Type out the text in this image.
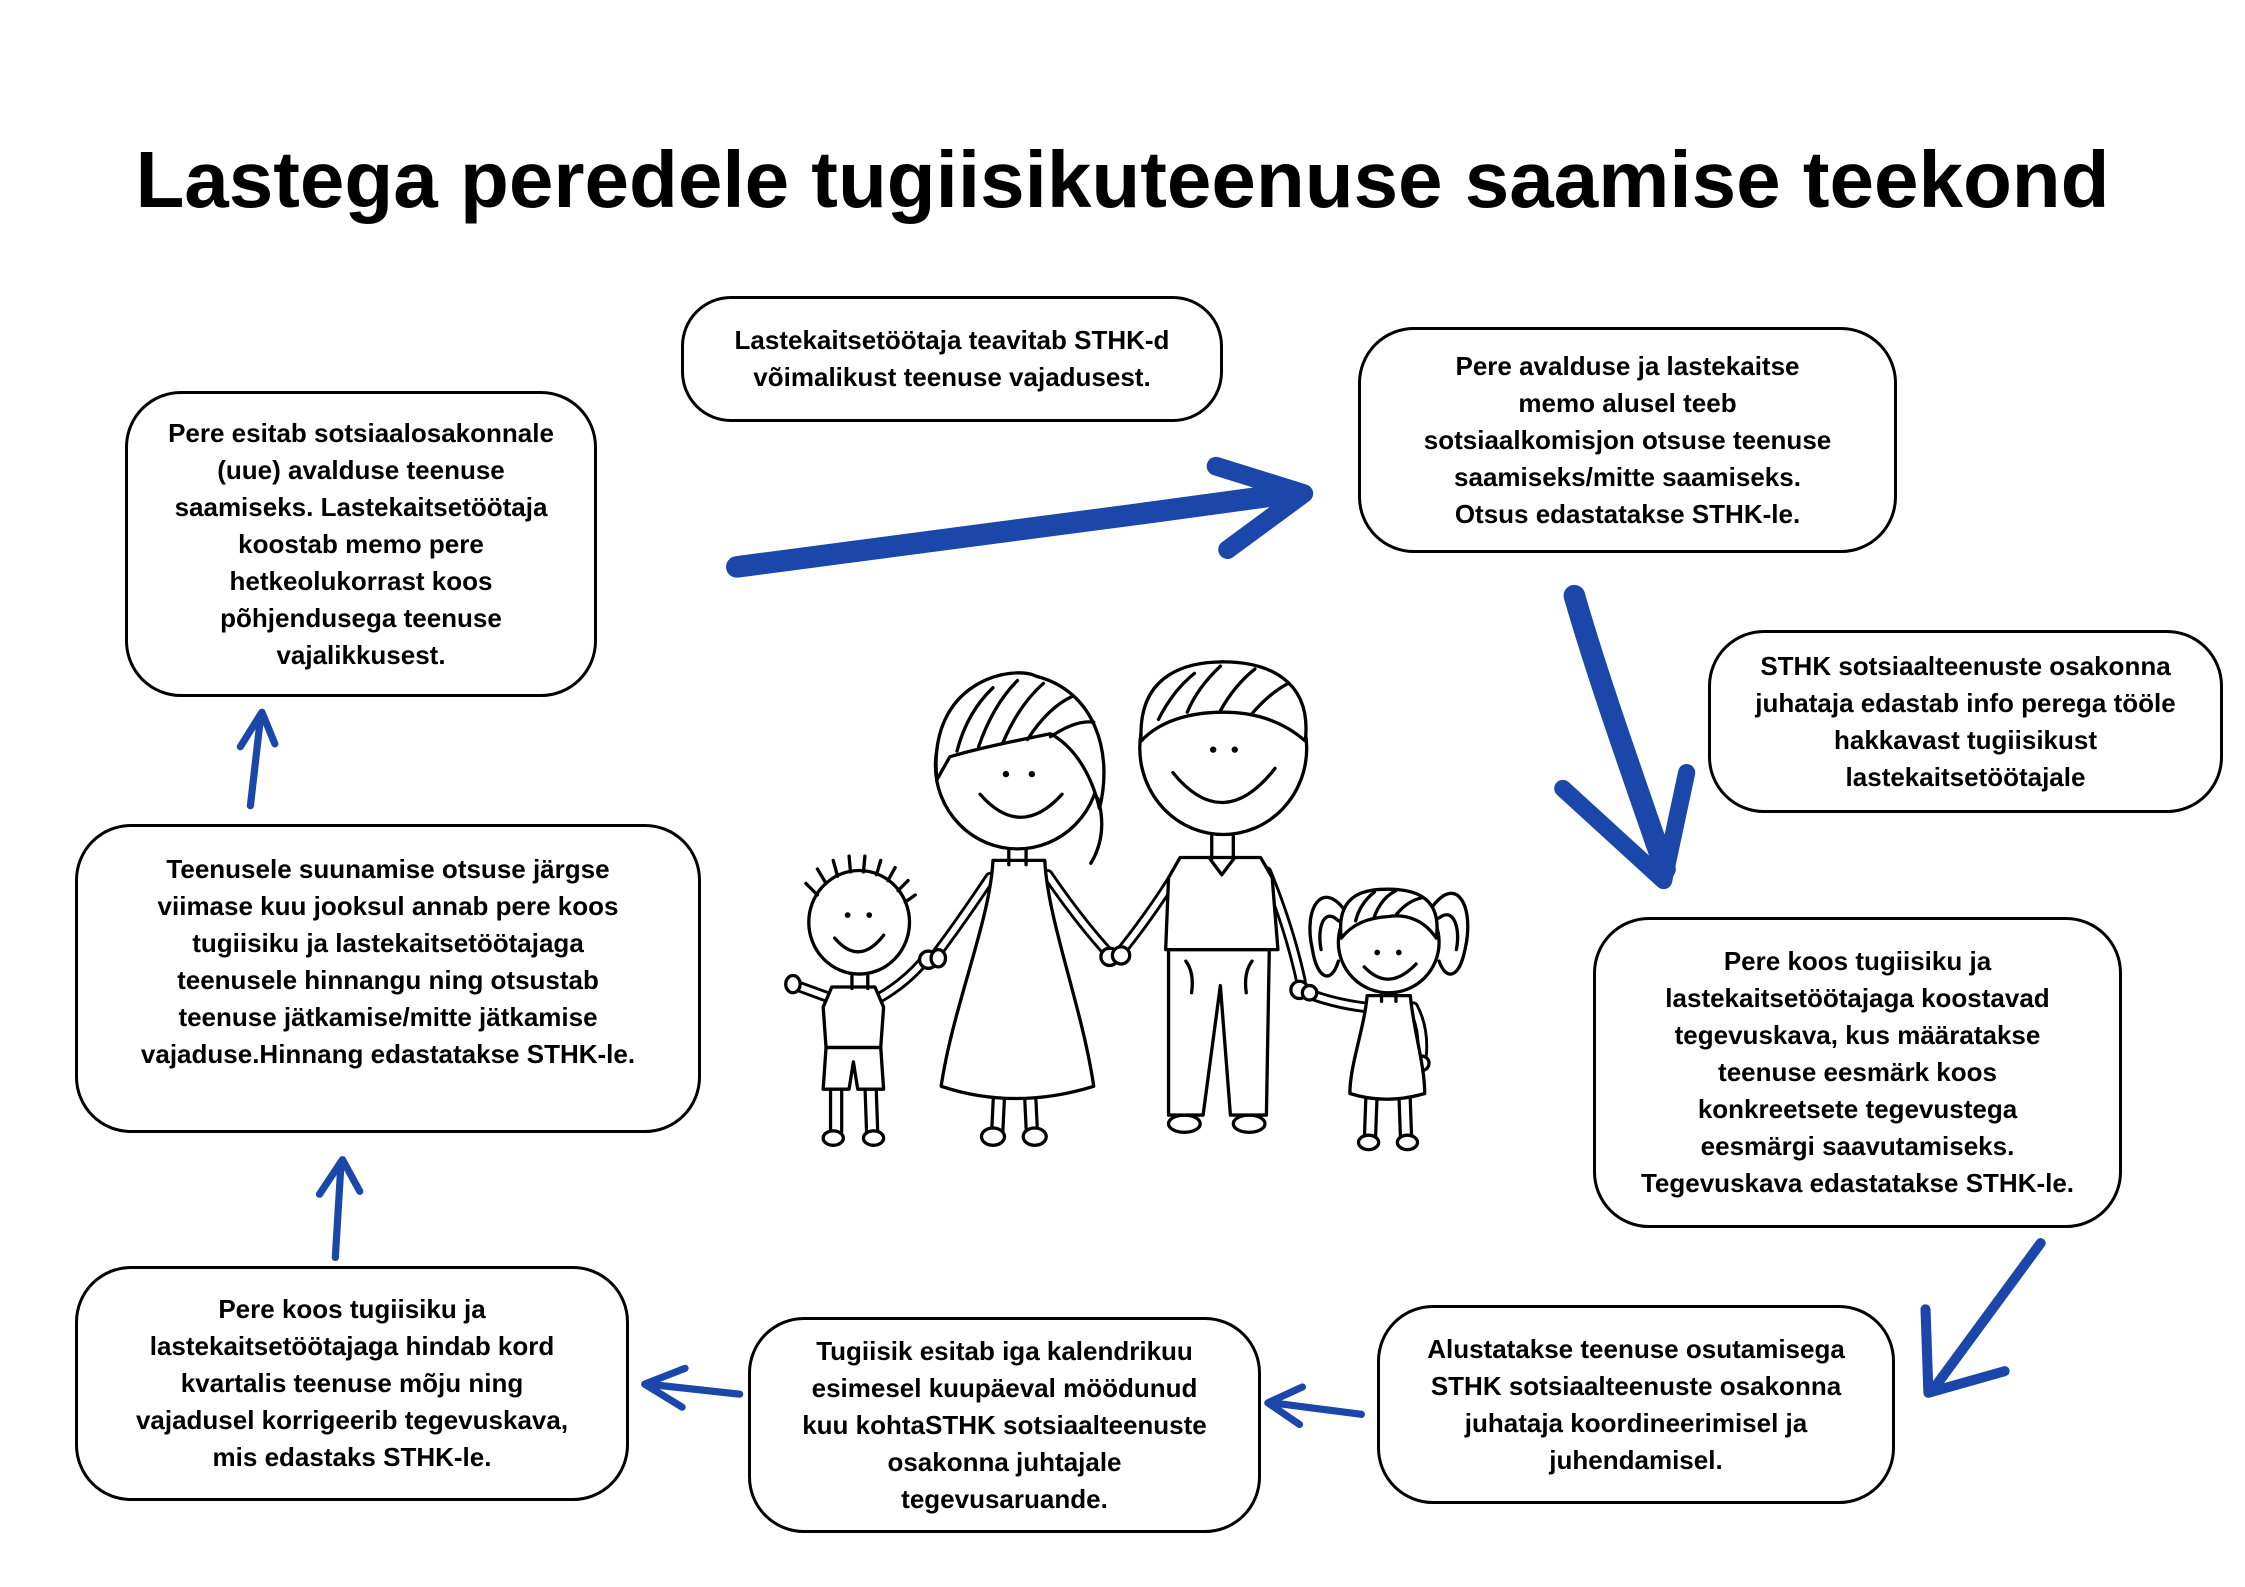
Lastega peredele tugiisikuteenuse saamise teekond
Pere esitab sotsiaalosakonnale
(uue) avalduse teenuse
saamiseks. Lastekaitsetöötaja
koostab memo pere
hetkeolukorrast koos
põhjendusega teenuse
vajalikkusest.
Lastekaitsetöötaja teavitab STHK-d
võimalikust teenuse vajadusest.	Pere avalduse ja lastekaitse
memo alusel teeb
sotsiaalkomisjon otsuse teenuse
saamiseks/mitte saamiseks.
Otsus edastatakse STHK-le.
STHK sotsiaalteenuste osakonna
juhataja edastab info perega tööle
hakkavast tugiisikust
lastekaitsetöötajale
Pere koos tugiisiku ja
lastekaitsetöötajaga koostavad
tegevuskava, kus määratakse
teenuse eesmärk koos
konkreetsete tegevustega
eesmärgi saavutamiseks.
Tegevuskava edastatakse STHK-le.
Alustatakse teenuse osutamisega
STHK sotsiaalteenuste osakonna
juhataja koordineerimisel ja
juhendamisel.
Tugiisik esitab iga kalendrikuu
esimesel kuupäeval möödunud
kuu kohtaSTHK sotsiaalteenuste
osakonna juhtajale
tegevusaruande.
Pere koos tugiisiku ja
lastekaitsetöötajaga hindab kord
kvartalis teenuse mõju ning
vajadusel korrigeerib tegevuskava,
mis edastaks STHK-le.
Teenusele suunamise otsuse järgse
viimase kuu jooksul annab pere koos
tugiisiku ja lastekaitsetöötajaga
teenusele hinnangu ning otsustab
teenuse jätkamise/mitte jätkamise
vajaduse.Hinnang edastatakse STHK-le.
